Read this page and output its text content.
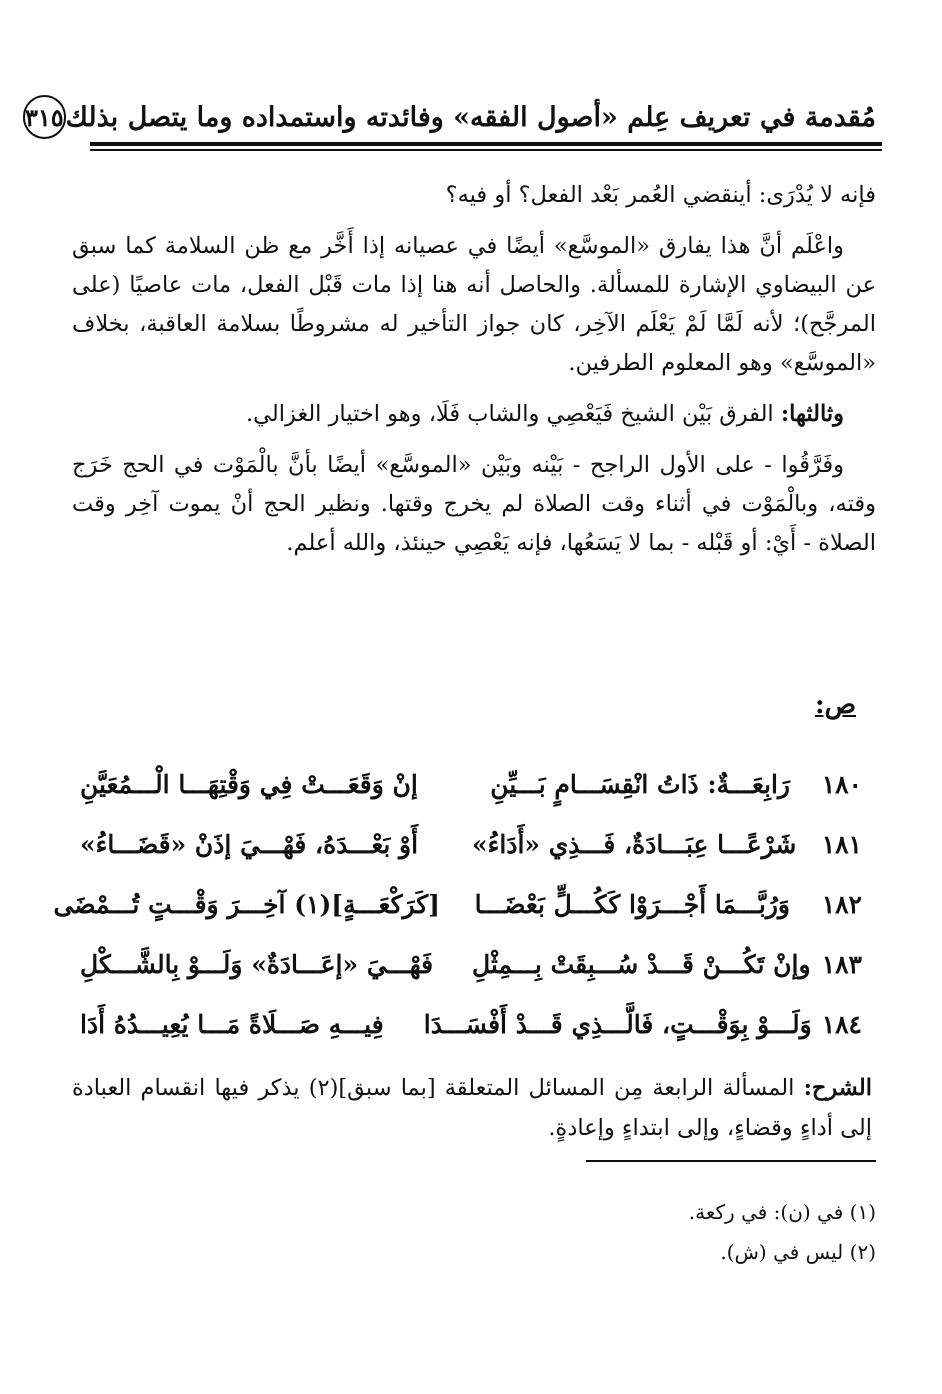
مُقدمة في تعريف عِلم «أصول الفقه» وفائدته واستمداده وما يتصل بذلك
٣١٥

فإنه لا يُدْرَى: أينقضي العُمر بَعْد الفعل؟ أو فيه؟

واعْلَم أنَّ هذا يفارق «الموسَّع» أيضًا في عصيانه إذا أَخَّر مع ظن السلامة كما سبق عن البيضاوي الإشارة للمسألة. والحاصل أنه هنا إذا مات قَبْل الفعل، مات عاصيًا (على المرجَّح)؛ لأنه لَمَّا لَمْ يَعْلَم الآخِر، كان جواز التأخير له مشروطًا بسلامة العاقبة، بخلاف «الموسَّع» وهو المعلوم الطرفين.

وثالثها: الفرق بَيْن الشيخ فَيَعْصِي والشاب فَلَا، وهو اختيار الغزالي.

وفَرَّقُوا - على الأول الراجح - بَيْنه وبَيْن «الموسَّع» أيضًا بأنَّ بالْمَوْت في الحج خَرَج وقته، وبالْمَوْت في أثناء وقت الصلاة لم يخرج وقتها. ونظير الحج أنْ يموت آخِر وقت الصلاة - أَيْ: أو قَبْله - بما لا يَسَعُها، فإنه يَعْصِي حينئذ، والله أعلم.

ص:
١٨٠
رَابِعَـــةٌ: ذَاتُ انْقِسَـــامٍ بَـــيِّنِ
إنْ وَقَعَـــتْ فِي وَقْتِهَـــا الْـــمُعَيَّنِ
١٨١
شَرْعًـــا عِبَـــادَةٌ، فَـــذِي «أَدَاءُ»
أَوْ بَعْـــدَهُ، فَهْـــيَ إذَنْ «قَضَـــاءُ»
١٨٢
وَرُبَّـــمَا أَجْـــرَوْا كَكُـــلٍّ بَعْضَـــا
[كَرَكْعَـــةٍ](١) آخِـــرَ وَقْـــتٍ تُـــمْضَى
١٨٣
وإنْ تَكُـــنْ قَـــدْ سُـــبِقَتْ بِـــمِثْلِ
فَهْـــيَ «إعَـــادَةٌ» وَلَـــوْ بِالشَّـــكْلِ
١٨٤
وَلَـــوْ بِوَقْـــتٍ، فَالَّـــذِي قَـــدْ أَفْسَـــدَا
فِيـــهِ صَـــلَاةً مَـــا يُعِيـــدُهُ أَدَا
الشرح: المسألة الرابعة مِن المسائل المتعلقة [بما سبق](٢) يذكر فيها انقسام العبادة إلى أداءٍ وقضاءٍ، وإلى ابتداءٍ وإعادةٍ.
(١) في (ن): في ركعة.
(٢) ليس في (ش).
